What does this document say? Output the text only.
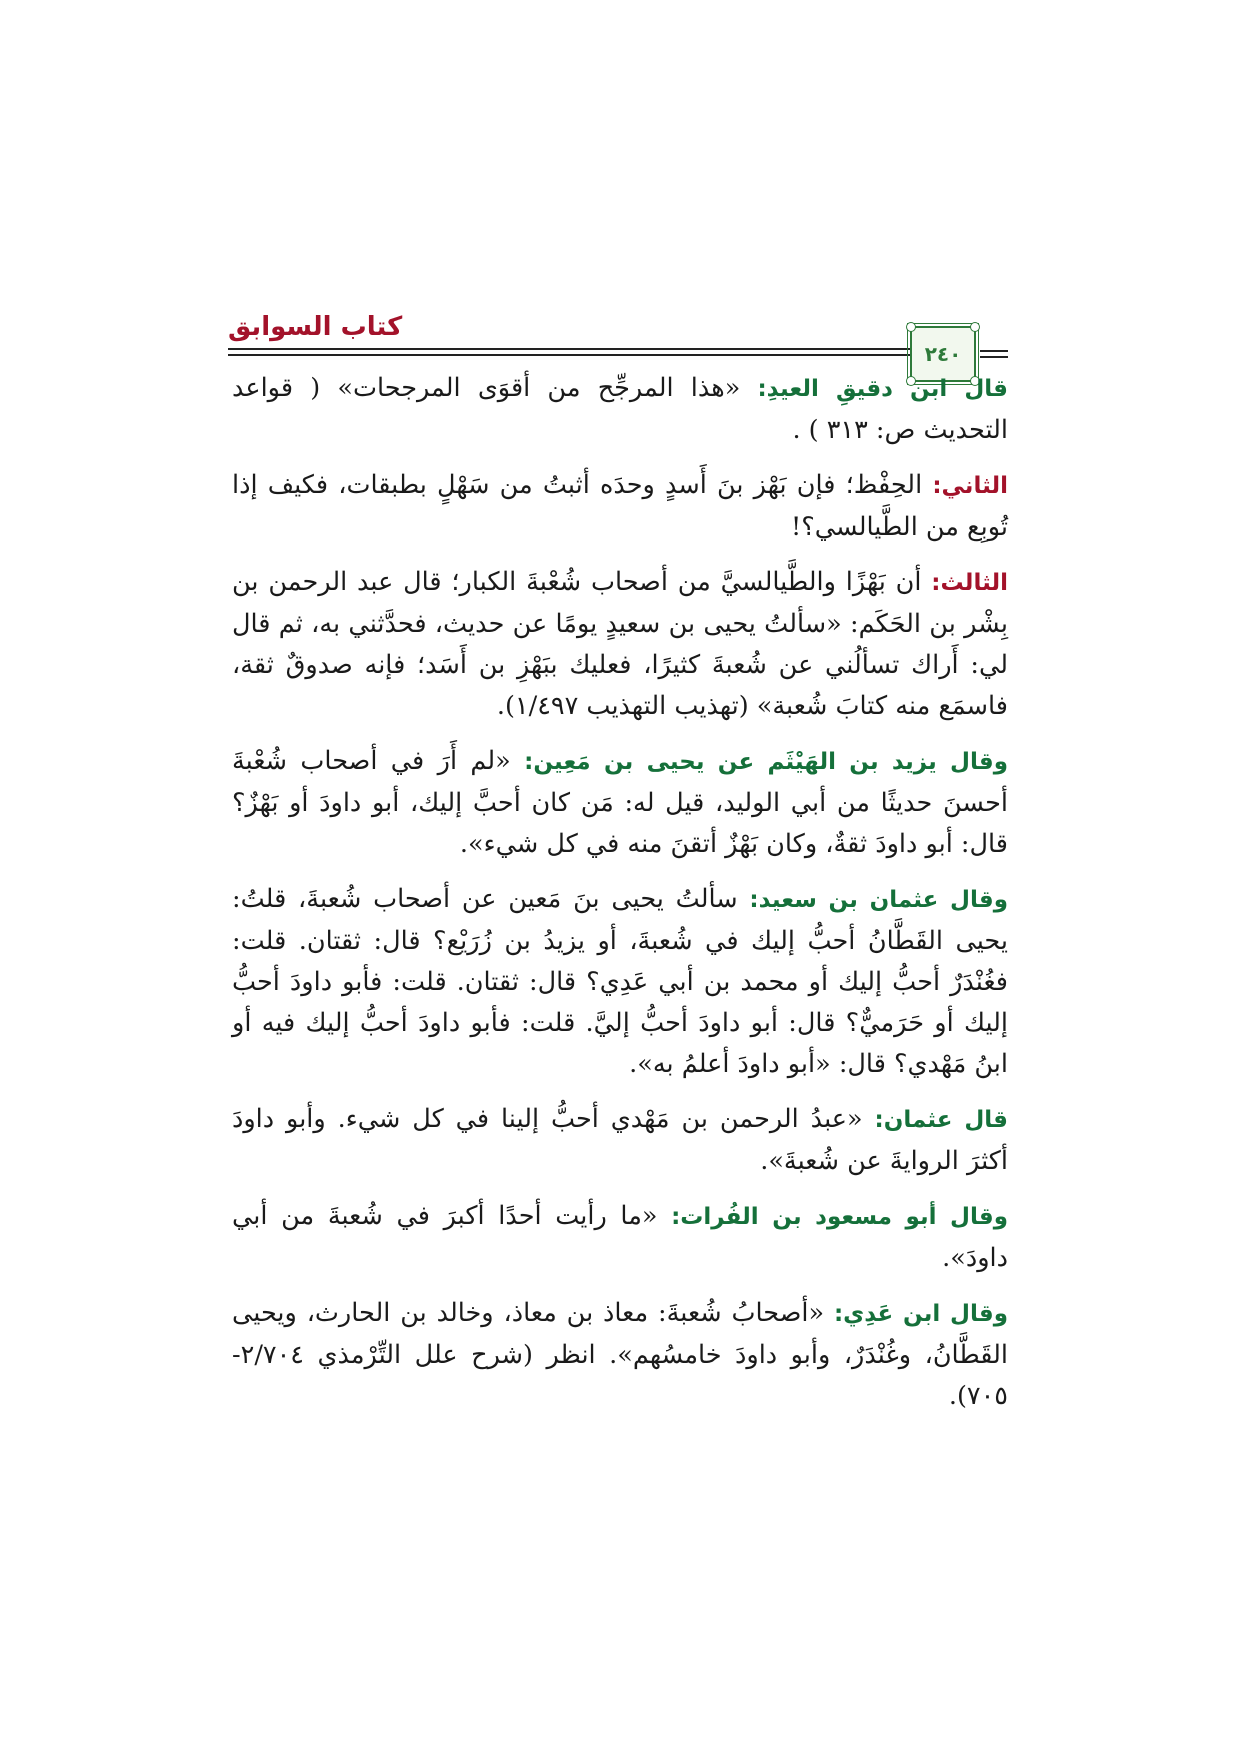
كتاب السوابق
٢٤٠

قال ابن دقيقِ العيدِ: «هذا المرجِّح من أقوَى المرجحات» ( قواعد التحديث ص: ٣١٣ ) .

الثاني: الحِفْظ؛ فإن بَهْز بنَ أَسدٍ وحدَه أثبتُ من سَهْلٍ بطبقات، فكيف إذا تُوبِع من الطَّيالسي؟!

الثالث: أن بَهْزًا والطَّيالسيَّ من أصحاب شُعْبةَ الكبار؛ قال عبد الرحمن بن بِشْر بن الحَكَم: «سألتُ يحيى بن سعيدٍ يومًا عن حديث، فحدَّثني به، ثم قال لي: أَراك تسألُني عن شُعبةَ كثيرًا، فعليك ببَهْزِ بن أَسَد؛ فإنه صدوقٌ ثقة، فاسمَع منه كتابَ شُعبة» (تهذيب التهذيب ١/٤٩٧).

وقال يزيد بن الهَيْثَم عن يحيى بن مَعِين: «لم أَرَ في أصحاب شُعْبةَ أحسنَ حديثًا من أبي الوليد، قيل له: مَن كان أحبَّ إليك، أبو داودَ أو بَهْزٌ؟ قال: أبو داودَ ثقةٌ، وكان بَهْزٌ أتقنَ منه في كل شيء».

وقال عثمان بن سعيد: سألتُ يحيى بنَ مَعين عن أصحاب شُعبةَ، قلتُ: يحيى القَطَّانُ أحبُّ إليك في شُعبةَ، أو يزيدُ بن زُرَيْع؟ قال: ثقتان. قلت: فغُنْدَرٌ أحبُّ إليك أو محمد بن أبي عَدِي؟ قال: ثقتان. قلت: فأبو داودَ أحبُّ إليك أو حَرَميٌّ؟ قال: أبو داودَ أحبُّ إليَّ. قلت: فأبو داودَ أحبُّ إليك فيه أو ابنُ مَهْدي؟ قال: «أبو داودَ أعلمُ به».

قال عثمان: «عبدُ الرحمن بن مَهْدي أحبُّ إلينا في كل شيء. وأبو داودَ أكثرَ الروايةَ عن شُعبةَ».

وقال أبو مسعود بن الفُرات: «ما رأيت أحدًا أكبرَ في شُعبةَ من أبي داودَ».

وقال ابن عَدِي: «أصحابُ شُعبةَ: معاذ بن معاذ، وخالد بن الحارث، ويحيى القَطَّانُ، وغُنْدَرٌ، وأبو داودَ خامسُهم». انظر (شرح علل التِّرْمذي ٢/٧٠٤- ٧٠٥).
